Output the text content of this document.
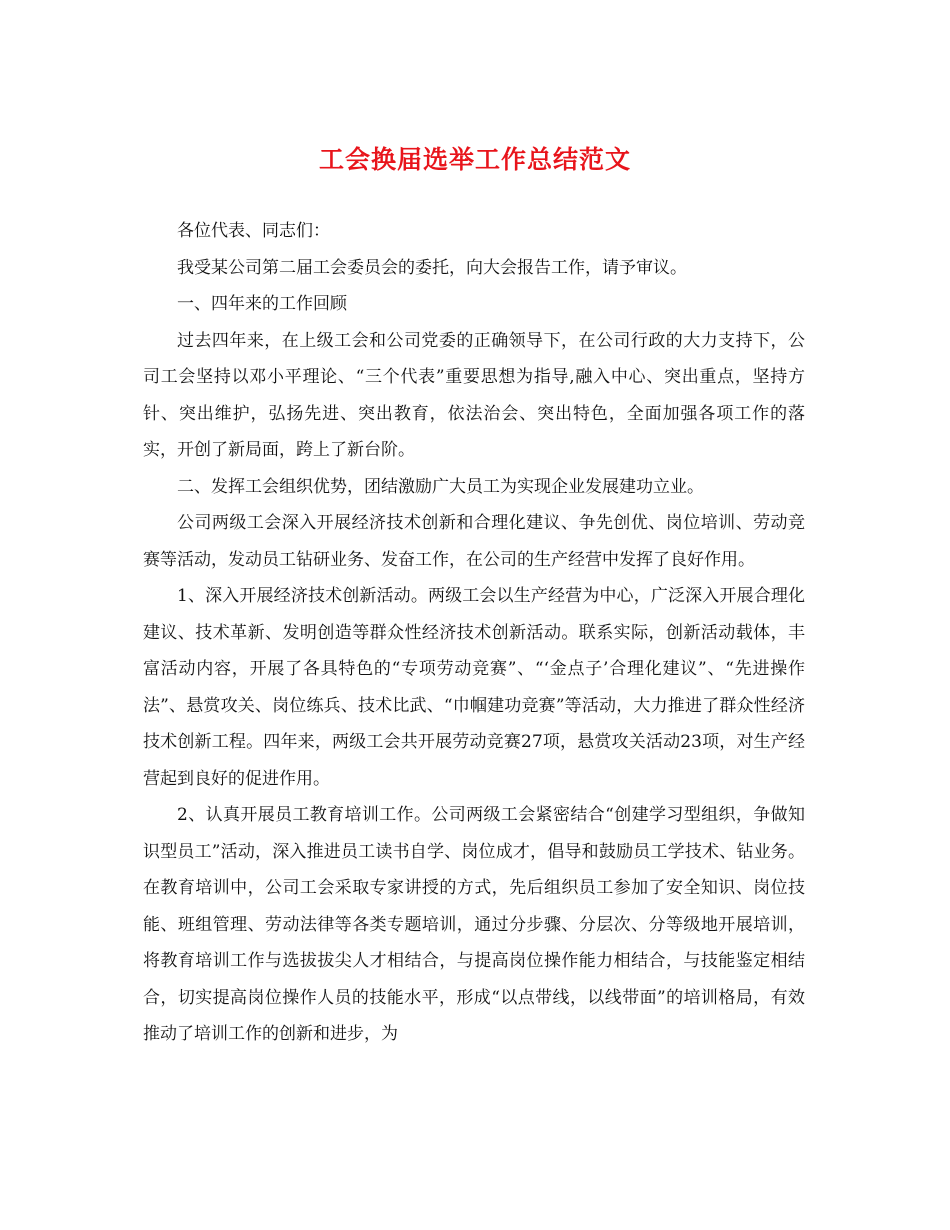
工会换届选举工作总结范文

各位代表、同志们：

我受某公司第二届工会委员会的委托，向大会报告工作，请予审议。

一、四年来的工作回顾

过去四年来，在上级工会和公司党委的正确领导下，在公司行政的大力支持下，公司工会坚持以邓小平理论、“三个代表”重要思想为指导,融入中心、突出重点，坚持方针、突出维护，弘扬先进、突出教育，依法治会、突出特色，全面加强各项工作的落实，开创了新局面，跨上了新台阶。

二、发挥工会组织优势，团结激励广大员工为实现企业发展建功立业。

公司两级工会深入开展经济技术创新和合理化建议、争先创优、岗位培训、劳动竞赛等活动，发动员工钻研业务、发奋工作，在公司的生产经营中发挥了良好作用。

1、深入开展经济技术创新活动。两级工会以生产经营为中心，广泛深入开展合理化建议、技术革新、发明创造等群众性经济技术创新活动。联系实际，创新活动载体，丰富活动内容，开展了各具特色的“专项劳动竞赛”、“‘金点子’合理化建议”、“先进操作法”、悬赏攻关、岗位练兵、技术比武、“巾帼建功竞赛”等活动，大力推进了群众性经济技术创新工程。四年来，两级工会共开展劳动竞赛27项，悬赏攻关活动23项，对生产经营起到良好的促进作用。

2、认真开展员工教育培训工作。公司两级工会紧密结合“创建学习型组织，争做知识型员工”活动，深入推进员工读书自学、岗位成才，倡导和鼓励员工学技术、钻业务。在教育培训中，公司工会采取专家讲授的方式，先后组织员工参加了安全知识、岗位技能、班组管理、劳动法律等各类专题培训，通过分步骤、分层次、分等级地开展培训，将教育培训工作与选拔拔尖人才相结合，与提高岗位操作能力相结合，与技能鉴定相结合，切实提高岗位操作人员的技能水平，形成“以点带线，以线带面”的培训格局，有效推动了培训工作的创新和进步，为
